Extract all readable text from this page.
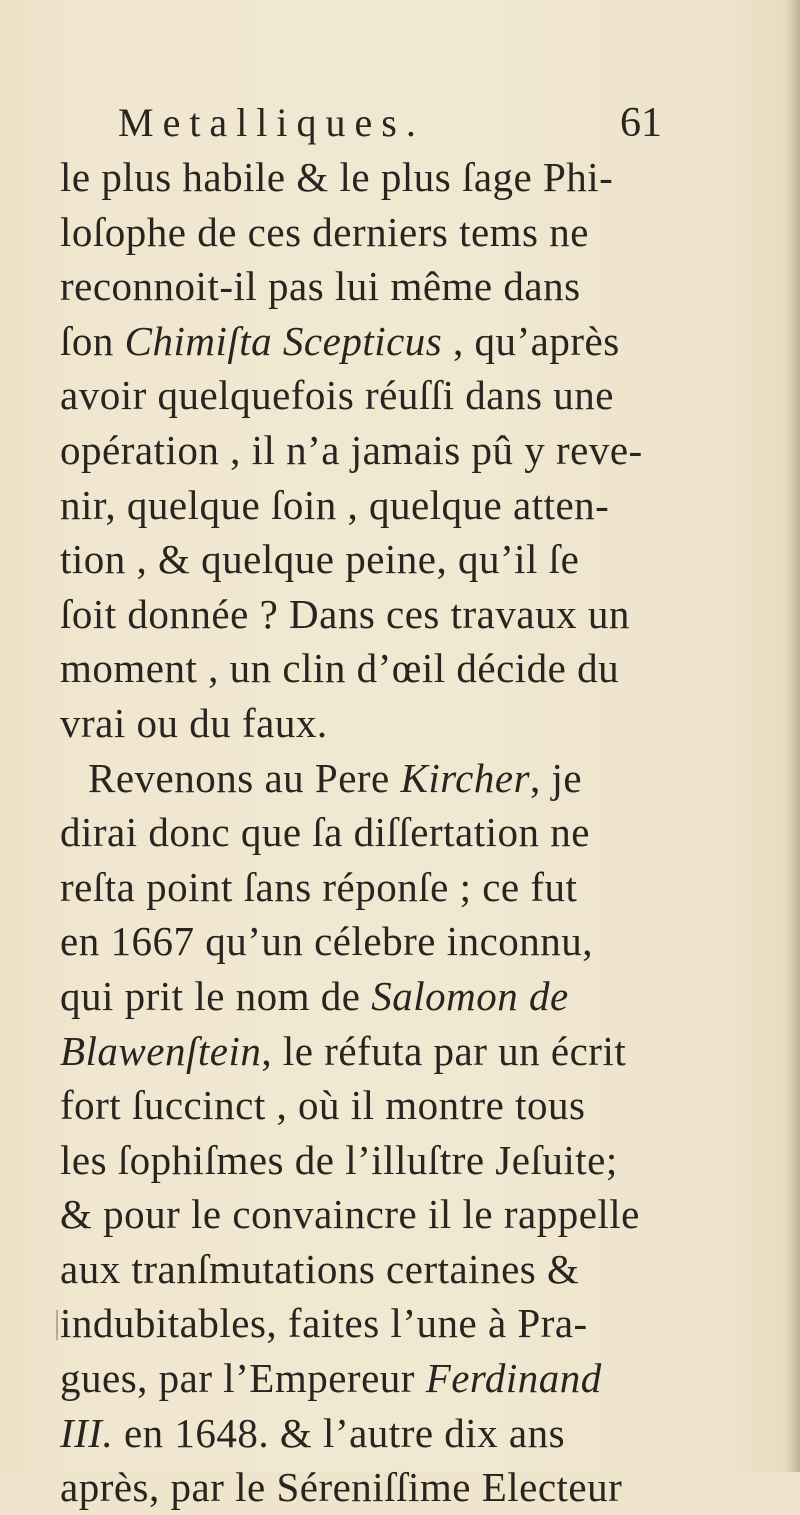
Metalliques.	61
le plus habile & le plus ſage Phi-
loſophe de ces derniers tems ne
reconnoit-il pas lui même dans
ſon Chimiſta Scepticus , qu’après
avoir quelquefois réuſſi dans une
opération , il n’a jamais pû y reve-
nir, quelque ſoin , quelque atten-
tion , & quelque peine, qu’il ſe
ſoit donnée ? Dans ces travaux un
moment , un clin d’œil décide du
vrai ou du faux.
Revenons au Pere Kircher, je
dirai donc que ſa diſſertation ne
reſta point ſans réponſe ; ce fut
en 1667 qu’un célebre inconnu,
qui prit le nom de Salomon de
Blawenſtein, le réfuta par un écrit
fort ſuccinct , où il montre tous
les ſophiſmes de l’illuſtre Jeſuite;
& pour le convaincre il le rappelle
aux tranſmutations certaines &
indubitables, faites l’une à Pra-
gues, par l’Empereur Ferdinand
III. en 1648. & l’autre dix ans
après, par le Séreniſſime Electeur
